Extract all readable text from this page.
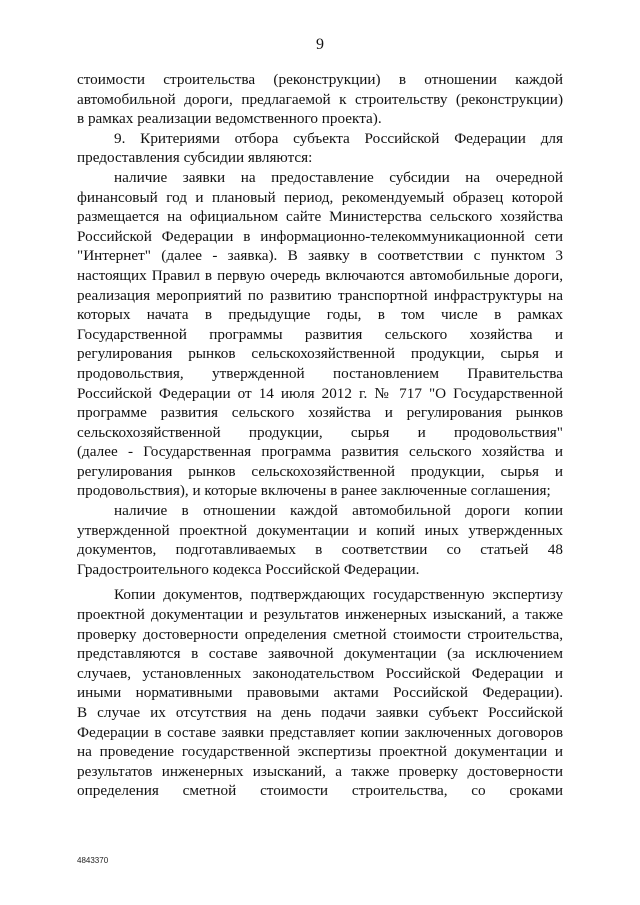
9
стоимости строительства (реконструкции) в отношении каждой
автомобильной дороги, предлагаемой к строительству (реконструкции)
в рамках реализации ведомственного проекта).
9. Критериями отбора субъекта Российской Федерации для
предоставления субсидии являются:
наличие заявки на предоставление субсидии на очередной
финансовый год и плановый период, рекомендуемый образец которой
размещается на официальном сайте Министерства сельского хозяйства
Российской Федерации в информационно-телекоммуникационной сети
"Интернет" (далее - заявка). В заявку в соответствии с пунктом 3
настоящих Правил в первую очередь включаются автомобильные дороги,
реализация мероприятий по развитию транспортной инфраструктуры на
которых начата в предыдущие годы, в том числе в рамках
Государственной программы развития сельского хозяйства и
регулирования рынков сельскохозяйственной продукции, сырья и
продовольствия, утвержденной постановлением Правительства
Российской Федерации от 14 июля 2012 г. № 717 "О Государственной
программе развития сельского хозяйства и регулирования рынков
сельскохозяйственной продукции, сырья и продовольствия"
(далее - Государственная программа развития сельского хозяйства и
регулирования рынков сельскохозяйственной продукции, сырья и
продовольствия), и которые включены в ранее заключенные соглашения;
наличие в отношении каждой автомобильной дороги копии
утвержденной проектной документации и копий иных утвержденных
документов, подготавливаемых в соответствии со статьей 48
Градостроительного кодекса Российской Федерации.
Копии документов, подтверждающих государственную экспертизу
проектной документации и результатов инженерных изысканий, а также
проверку достоверности определения сметной стоимости строительства,
представляются в составе заявочной документации (за исключением
случаев, установленных законодательством Российской Федерации и
иными нормативными правовыми актами Российской Федерации).
В случае их отсутствия на день подачи заявки субъект Российской
Федерации в составе заявки представляет копии заключенных договоров
на проведение государственной экспертизы проектной документации и
результатов инженерных изысканий, а также проверку достоверности
определения сметной стоимости строительства, со сроками
4843370
